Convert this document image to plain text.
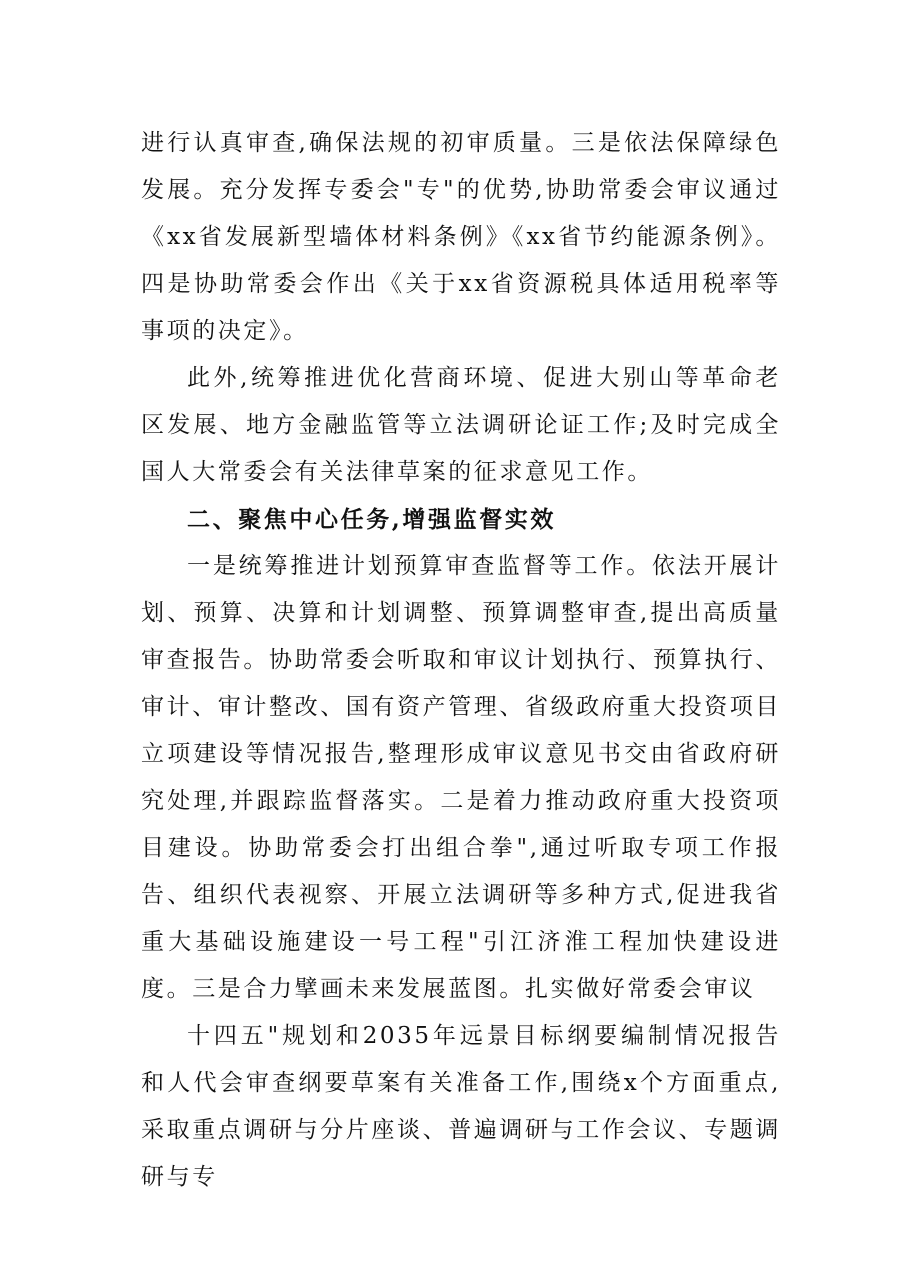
进行认真审查,确保法规的初审质量。三是依法保障绿色发展。充分发挥专委会"专"的优势,协助常委会审议通过《xx省发展新型墙体材料条例》《xx省节约能源条例》。四是协助常委会作出《关于xx省资源税具体适用税率等事项的决定》。

此外,统筹推进优化营商环境、促进大别山等革命老区发展、地方金融监管等立法调研论证工作;及时完成全国人大常委会有关法律草案的征求意见工作。

二、聚焦中心任务,增强监督实效

一是统筹推进计划预算审查监督等工作。依法开展计划、预算、决算和计划调整、预算调整审查,提出高质量审查报告。协助常委会听取和审议计划执行、预算执行、审计、审计整改、国有资产管理、省级政府重大投资项目立项建设等情况报告,整理形成审议意见书交由省政府研究处理,并跟踪监督落实。二是着力推动政府重大投资项目建设。协助常委会打出组合拳",通过听取专项工作报告、组织代表视察、开展立法调研等多种方式,促进我省重大基础设施建设一号工程"引江济淮工程加快建设进度。三是合力擘画未来发展蓝图。扎实做好常委会审议

十四五"规划和2035年远景目标纲要编制情况报告和人代会审查纲要草案有关准备工作,围绕x个方面重点,采取重点调研与分片座谈、普遍调研与工作会议、专题调研与专
